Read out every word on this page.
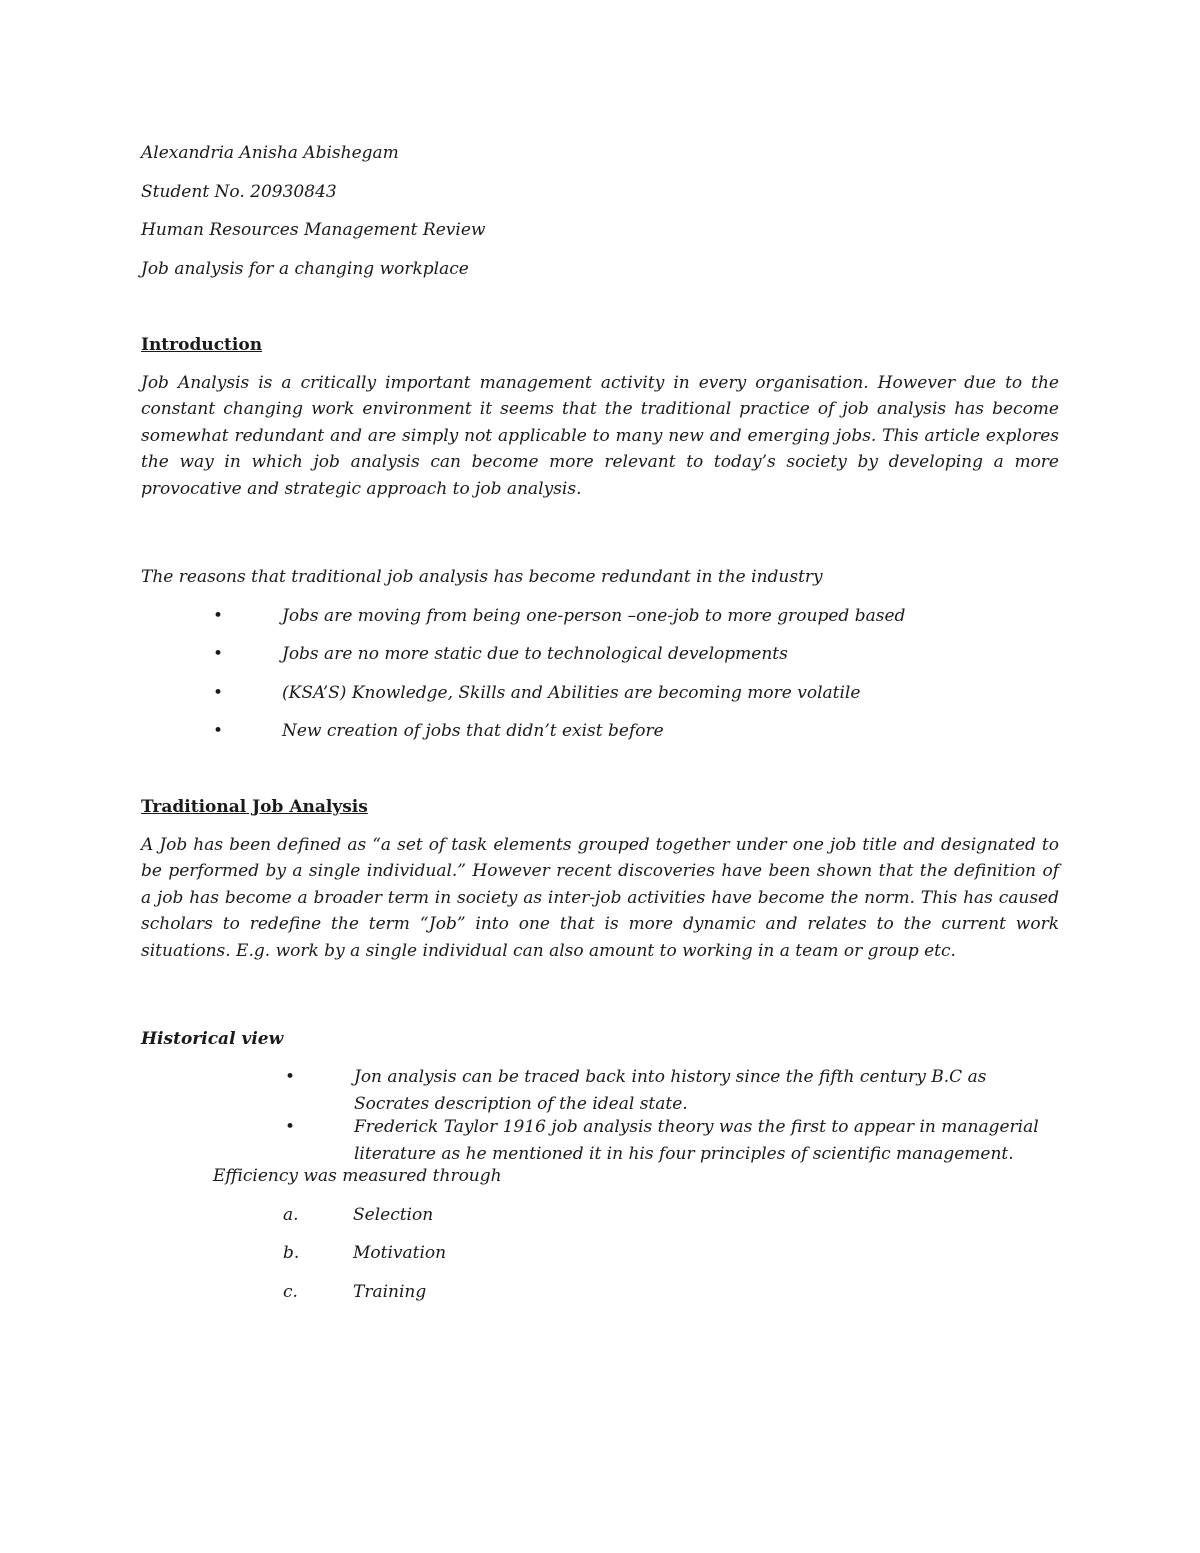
Alexandria Anisha Abishegam

Student No. 20930843

Human Resources Management Review

Job analysis for a changing workplace

Introduction

Job Analysis is a critically important management activity in every organisation. However due to the constant changing work environment it seems that the traditional practice of job analysis has become somewhat redundant and are simply not applicable to many new and emerging jobs. This article explores the way in which job analysis can become more relevant to today’s society by developing a more provocative and strategic approach to job analysis.

The reasons that traditional job analysis has become redundant in the industry

•	Jobs are moving from being one-person –one-job to more grouped based
•	Jobs are no more static due to technological developments
•	(KSA’S) Knowledge, Skills and Abilities are becoming more volatile
•	New creation of jobs that didn’t exist before

Traditional Job Analysis

A Job has been defined as “a set of task elements grouped together under one job title and designated to be performed by a single individual.” However recent discoveries have been shown that the definition of a job has become a broader term in society as inter-job activities have become the norm. This has caused scholars to redefine the term “Job” into one that is more dynamic and relates to the current work situations. E.g. work by a single individual can also amount to working in a team or group etc.

Historical view

•	Jon analysis can be traced back into history since the fifth century B.C as Socrates description of the ideal state.
•	Frederick Taylor 1916 job analysis theory was the first to appear in managerial literature as he mentioned it in his four principles of scientific management.

Efficiency was measured through

a.	Selection
b.	Motivation
c.	Training
